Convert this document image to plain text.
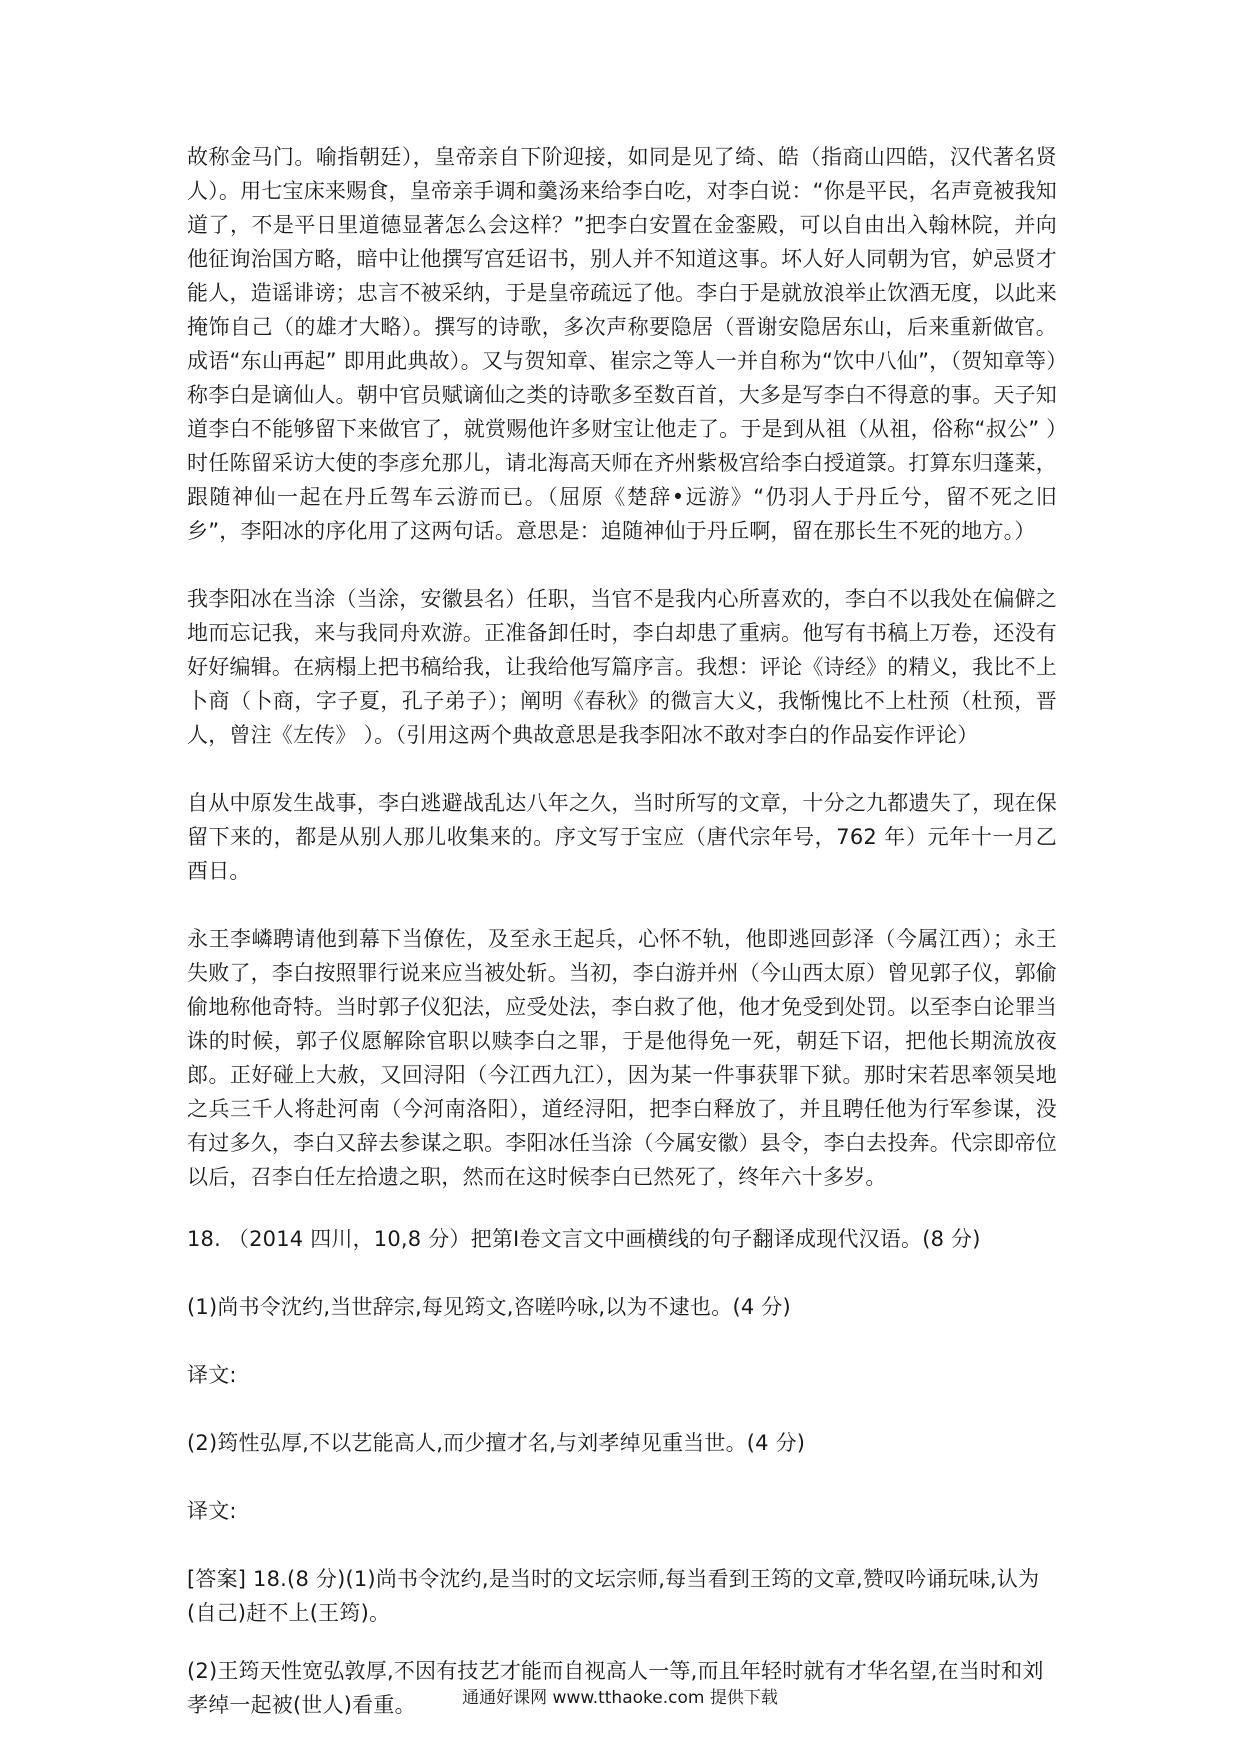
故称金马门。喻指朝廷），皇帝亲自下阶迎接，如同是见了绮、皓（指商山四皓，汉代著名贤人）。用七宝床来赐食，皇帝亲手调和羹汤来给李白吃，对李白说：“你是平民，名声竟被我知道了，不是平日里道德显著怎么会这样？”把李白安置在金銮殿，可以自由出入翰林院，并向他征询治国方略，暗中让他撰写宫廷诏书，别人并不知道这事。坏人好人同朝为官，妒忌贤才能人，造谣诽谤；忠言不被采纳，于是皇帝疏远了他。李白于是就放浪举止饮酒无度，以此来掩饰自己（的雄才大略）。撰写的诗歌，多次声称要隐居（晋谢安隐居东山，后来重新做官。成语“东山再起” 即用此典故）。又与贺知章、崔宗之等人一并自称为“饮中八仙”，（贺知章等）称李白是谪仙人。朝中官员赋谪仙之类的诗歌多至数百首，大多是写李白不得意的事。天子知道李白不能够留下来做官了，就赏赐他许多财宝让他走了。于是到从祖（从祖，俗称“叔公” ）时任陈留采访大使的李彦允那儿，请北海高天师在齐州紫极宫给李白授道箓。打算东归蓬莱，跟随神仙一起在丹丘驾车云游而已。（屈原《楚辞•远游》“仍羽人于丹丘兮，留不死之旧乡”，李阳冰的序化用了这两句话。意思是：追随神仙于丹丘啊，留在那长生不死的地方。）

我李阳冰在当涂（当涂，安徽县名）任职，当官不是我内心所喜欢的，李白不以我处在偏僻之地而忘记我，来与我同舟欢游。正准备卸任时，李白却患了重病。他写有书稿上万卷，还没有好好编辑。在病榻上把书稿给我，让我给他写篇序言。我想：评论《诗经》的精义，我比不上卜商（卜商，字子夏，孔子弟子）；阐明《春秋》的微言大义，我惭愧比不上杜预（杜预，晋人，曾注《左传》 ）。（引用这两个典故意思是我李阳冰不敢对李白的作品妄作评论）

自从中原发生战事，李白逃避战乱达八年之久，当时所写的文章，十分之九都遗失了，现在保留下来的，都是从别人那儿收集来的。序文写于宝应（唐代宗年号，762 年）元年十一月乙酉日。

永王李嶙聘请他到幕下当僚佐，及至永王起兵，心怀不轨，他即逃回彭泽（今属江西）；永王失败了，李白按照罪行说来应当被处斩。当初，李白游并州（今山西太原）曾见郭子仪，郭偷偷地称他奇特。当时郭子仪犯法，应受处法，李白救了他，他才免受到处罚。以至李白论罪当诛的时候，郭子仪愿解除官职以赎李白之罪，于是他得免一死，朝廷下诏，把他长期流放夜郎。正好碰上大赦，又回浔阳（今江西九江），因为某一件事获罪下狱。那时宋若思率领吴地之兵三千人将赴河南（今河南洛阳），道经浔阳，把李白释放了，并且聘任他为行军参谋，没有过多久，李白又辞去参谋之职。李阳冰任当涂（今属安徽）县令，李白去投奔。代宗即帝位以后，召李白任左拾遗之职，然而在这时候李白已然死了，终年六十多岁。

18. （2014 四川，10,8 分）把第Ⅰ卷文言文中画横线的句子翻译成现代汉语。(8 分)

(1)尚书令沈约,当世辞宗,每见筠文,咨嗟吟咏,以为不逮也。(4 分)

译文:

(2)筠性弘厚,不以艺能高人,而少擅才名,与刘孝绰见重当世。(4 分)

译文:

[答案] 18.(8 分)(1)尚书令沈约,是当时的文坛宗师,每当看到王筠的文章,赞叹吟诵玩味,认为(自己)赶不上(王筠)。

(2)王筠天性宽弘敦厚,不因有技艺才能而自视高人一等,而且年轻时就有才华名望,在当时和刘孝绰一起被(世人)看重。	通通好课网 www.tthaoke.com 提供下载
